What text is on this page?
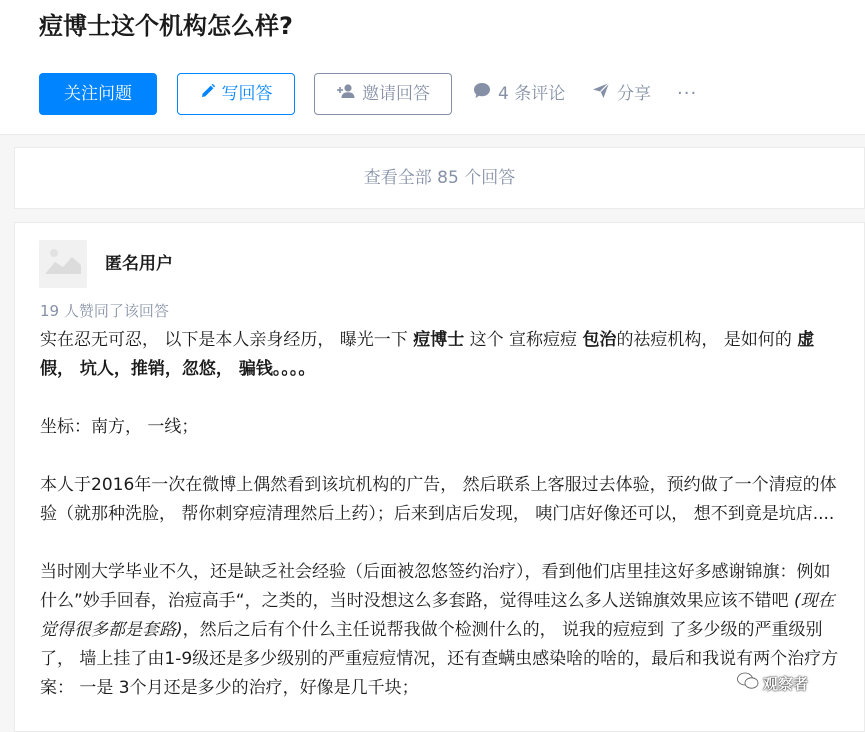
痘博士这个机构怎么样?
关注问题	写回答	邀请回答	4 条评论	分享 ···
查看全部 85 个回答
匿名用户
19 人赞同了该回答

实在忍无可忍， 以下是本人亲身经历， 曝光一下 痘博士 这个 宣称痘痘 包治的祛痘机构， 是如何的 虚假， 坑人，推销，忽悠， 骗钱。。。。

坐标：南方， 一线；

本人于2016年一次在微博上偶然看到该坑机构的广告， 然后联系上客服过去体验，预约做了一个清痘的体验（就那种洗脸， 帮你刺穿痘清理然后上药）；后来到店后发现， 咦门店好像还可以， 想不到竟是坑店....

当时刚大学毕业不久，还是缺乏社会经验（后面被忽悠签约治疗），看到他们店里挂这好多感谢锦旗：例如什么”妙手回春，治痘高手“，之类的，当时没想这么多套路，觉得哇这么多人送锦旗效果应该不错吧 (现在觉得很多都是套路)，然后之后有个什么主任说帮我做个检测什么的， 说我的痘痘到 了多少级的严重级别了， 墙上挂了由1-9级还是多少级别的严重痘痘情况，还有查螨虫感染啥的啥的，最后和我说有两个治疗方案： 一是 3个月还是多少的治疗，好像是几千块；	观察者
